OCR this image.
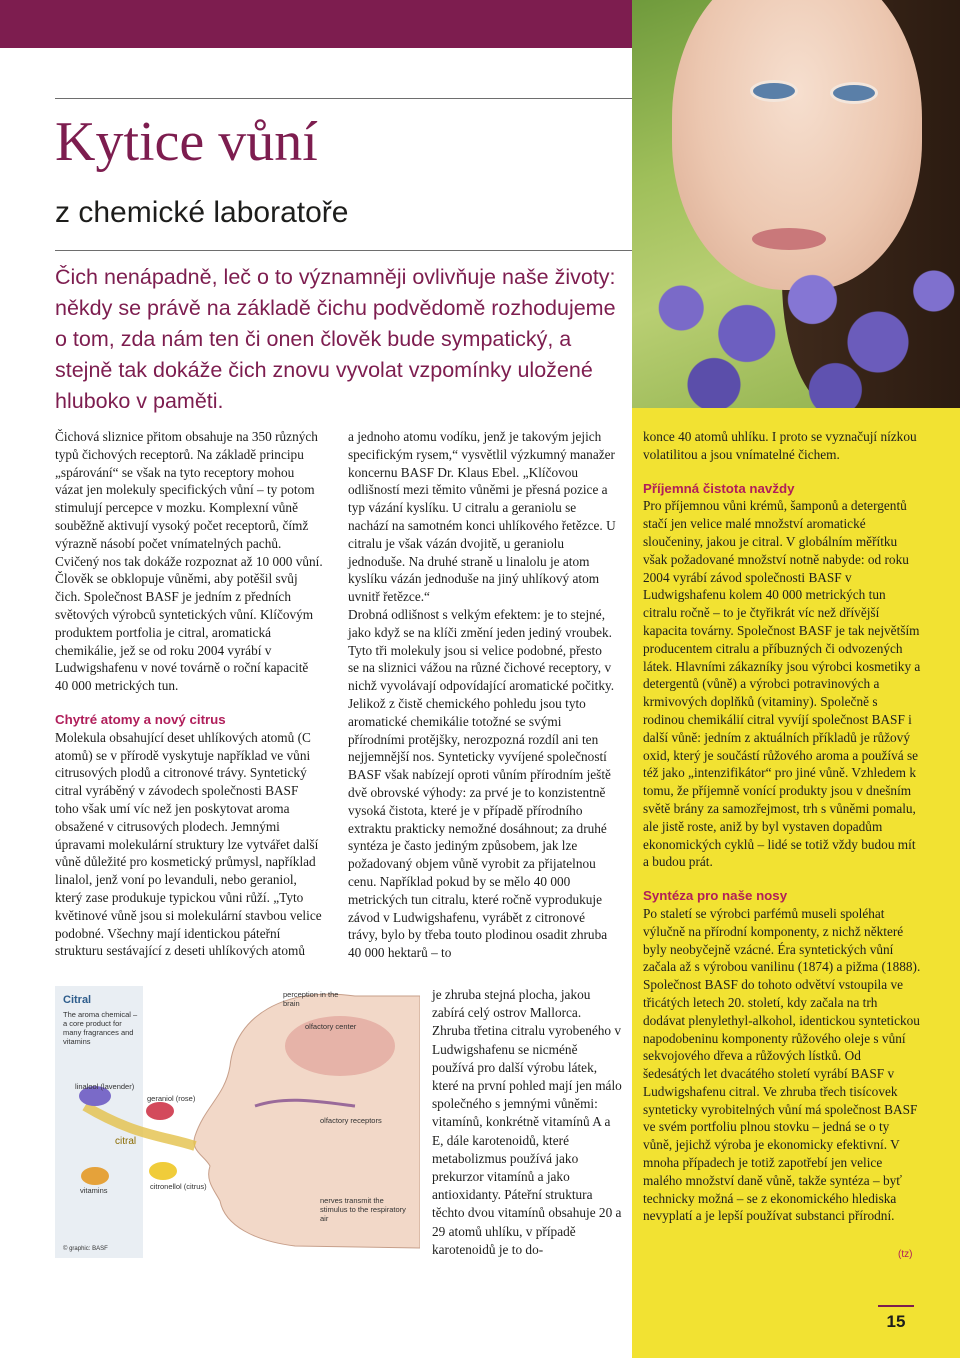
Kytice vůní
z chemické laboratoře

Čich nenápadně, leč o to významněji ovlivňuje naše životy: někdy se právě na základě čichu podvědomě rozhodujeme o tom, zda nám ten či onen člověk bude sympatický, a stejně tak dokáže čich znovu vyvolat vzpomínky uložené hluboko v paměti.

Čichová sliznice přitom obsahuje na 350 různých typů čichových receptorů. Na základě principu „spárování“ se však na tyto receptory mohou vázat jen molekuly specifických vůní – ty potom stimulují percepce v mozku. Komplexní vůně souběžně aktivují vysoký počet receptorů, čímž výrazně násobí počet vnímatelných pachů. Cvičený nos tak dokáže rozpoznat až 10 000 vůní. Člověk se obklopuje vůněmi, aby potěšil svůj čich. Společnost BASF je jedním z předních světových výrobců syntetických vůní. Klíčovým produktem portfolia je citral, aromatická chemikálie, jež se od roku 2004 vyrábí v Ludwigshafenu v nové továrně o roční kapacitě 40 000 metrických tun.

Chytré atomy a nový citrus

Molekula obsahující deset uhlíkových atomů (C atomů) se v přírodě vyskytuje například ve vůni citrusových plodů a citronové trávy. Syntetický citral vyráběný v závodech společnosti BASF toho však umí víc než jen poskytovat aroma obsažené v citrusových plodech. Jemnými úpravami molekulární struktury lze vytvářet další vůně důležité pro kosmetický průmysl, například linalol, jenž voní po levanduli, nebo geraniol, který zase produkuje typickou vůni růží. „Tyto květinové vůně jsou si molekulární stavbou velice podobné. Všechny mají identickou páteřní strukturu sestávající z deseti uhlíkových atomů

a jednoho atomu vodíku, jenž je takovým jejich specifickým rysem,“ vysvětlil výzkumný manažer koncernu BASF Dr. Klaus Ebel. „Klíčovou odlišností mezi těmito vůněmi je přesná pozice a typ vázání kyslíku. U citralu a geraniolu se nachází na samotném konci uhlíkového řetězce. U citralu je však vázán dvojitě, u geraniolu jednoduše. Na druhé straně u linalolu je atom kyslíku vázán jednoduše na jiný uhlíkový atom uvnitř řetězce.“

Drobná odlišnost s velkým efektem: je to stejné, jako když se na klíči změní jeden jediný vroubek. Tyto tři molekuly jsou si velice podobné, přesto se na sliznici vážou na různé čichové receptory, v nichž vyvolávají odpovídající aromatické počitky. Jelikož z čistě chemického pohledu jsou tyto aromatické chemikálie totožné se svými přírodními protějšky, nerozpozná rozdíl ani ten nejjemnější nos. Synteticky vyvíjené společností BASF však nabízejí oproti vůním přírodním ještě dvě obrovské výhody: za prvé je to konzistentně vysoká čistota, které je v případě přírodního extraktu prakticky nemožné dosáhnout; za druhé syntéza je často jediným způsobem, jak lze požadovaný objem vůně vyrobit za přijatelnou cenu. Například pokud by se mělo 40 000 metrických tun citralu, které ročně vyprodukuje závod v Ludwigshafenu, vyrábět z citronové trávy, bylo by třeba touto plodinou osadit zhruba 40 000 hektarů – to

je zhruba stejná plocha, jakou zabírá celý ostrov Mallorca. Zhruba třetina citralu vyrobeného v Ludwigshafenu se nicméně používá pro další výrobu látek, které na první pohled mají jen málo společného s jemnými vůněmi: vitamínů, konkrétně vitamínů A a E, dále karotenoidů, které metabolizmus používá jako prekurzor vitamínů a jako antioxidanty. Páteřní struktura těchto dvou vitamínů obsahuje 20 a 29 atomů uhlíku, v případě karotenoidů je to do-

konce 40 atomů uhlíku. I proto se vyznačují nízkou volatilitou a jsou vnímatelné čichem.

Příjemná čistota navždy

Pro příjemnou vůni krémů, šamponů a detergentů stačí jen velice malé množství aromatické sloučeniny, jakou je citral. V globálním měřítku však požadované množství notně nabyde: od roku 2004 vyrábí závod společnosti BASF v Ludwigshafenu kolem 40 000 metrických tun citralu ročně – to je čtyřikrát víc než dřívější kapacita továrny. Společnost BASF je tak největším producentem citralu a příbuzných či odvozených látek. Hlavními zákazníky jsou výrobci kosmetiky a detergentů (vůně) a výrobci potravinových a krmivových doplňků (vitaminy). Společně s rodinou chemikálií citral vyvíjí společnost BASF i další vůně: jedním z aktuálních příkladů je růžový oxid, který je součástí růžového aroma a používá se též jako „intenzifikátor“ pro jiné vůně. Vzhledem k tomu, že příjemně vonící produkty jsou v dnešním světě brány za samozřejmost, trh s vůněmi pomalu, ale jistě roste, aniž by byl vystaven dopadům ekonomických cyklů – lidé se totiž vždy budou mít a budou prát.

Syntéza pro naše nosy

Po staletí se výrobci parfémů museli spoléhat výlučně na přírodní komponenty, z nichž některé byly neobyčejně vzácné. Éra syntetických vůní začala až s výrobou vanilinu (1874) a pižma (1888). Společnost BASF do tohoto odvětví vstoupila ve třicátých letech 20. století, kdy začala na trh dodávat plenylethyl-alkohol, identickou syntetickou napodobeninu komponenty růžového oleje s vůní sekvojového dřeva a růžových lístků. Od šedesátých let dvacátého století vyrábí BASF v Ludwigshafenu citral. Ve zhruba třech tisícovek synteticky vyrobitelných vůní má společnost BASF ve svém portfoliu plnou stovku – jedná se o ty vůně, jejichž výroba je ekonomicky efektivní. V mnoha případech je totiž zapotřebí jen velice malého množství daně vůně, takže syntéza – byť technicky možná – se z ekonomického hlediska nevyplatí a je lepší používat substanci přírodní.

(tz)
Citral
The aroma chemical – a core product for many fragrances and vitamins
perception in the brain
olfactory center
linalool (lavender)
geraniol (rose)
citral
vitamins	citronellol (citrus)
olfactory receptors
nerves transmit the stimulus to the respiratory air
© graphic: BASF
15
